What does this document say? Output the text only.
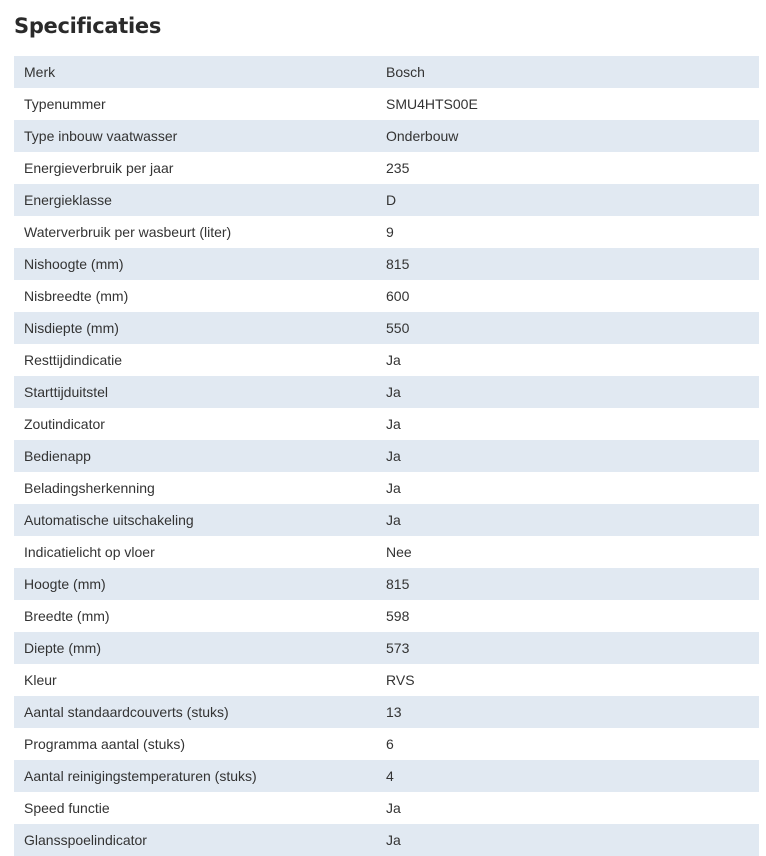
Specificaties
Merk	Bosch
Typenummer	SMU4HTS00E
Type inbouw vaatwasser	Onderbouw
Energieverbruik per jaar	235
Energieklasse	D
Waterverbruik per wasbeurt (liter)	9
Nishoogte (mm)	815
Nisbreedte (mm)	600
Nisdiepte (mm)	550
Resttijdindicatie	Ja
Starttijduitstel	Ja
Zoutindicator	Ja
Bedienapp	Ja
Beladingsherkenning	Ja
Automatische uitschakeling	Ja
Indicatielicht op vloer	Nee
Hoogte (mm)	815
Breedte (mm)	598
Diepte (mm)	573
Kleur	RVS
Aantal standaardcouverts (stuks)	13
Programma aantal (stuks)	6
Aantal reinigingstemperaturen (stuks)	4
Speed functie	Ja
Glansspoelindicator	Ja
